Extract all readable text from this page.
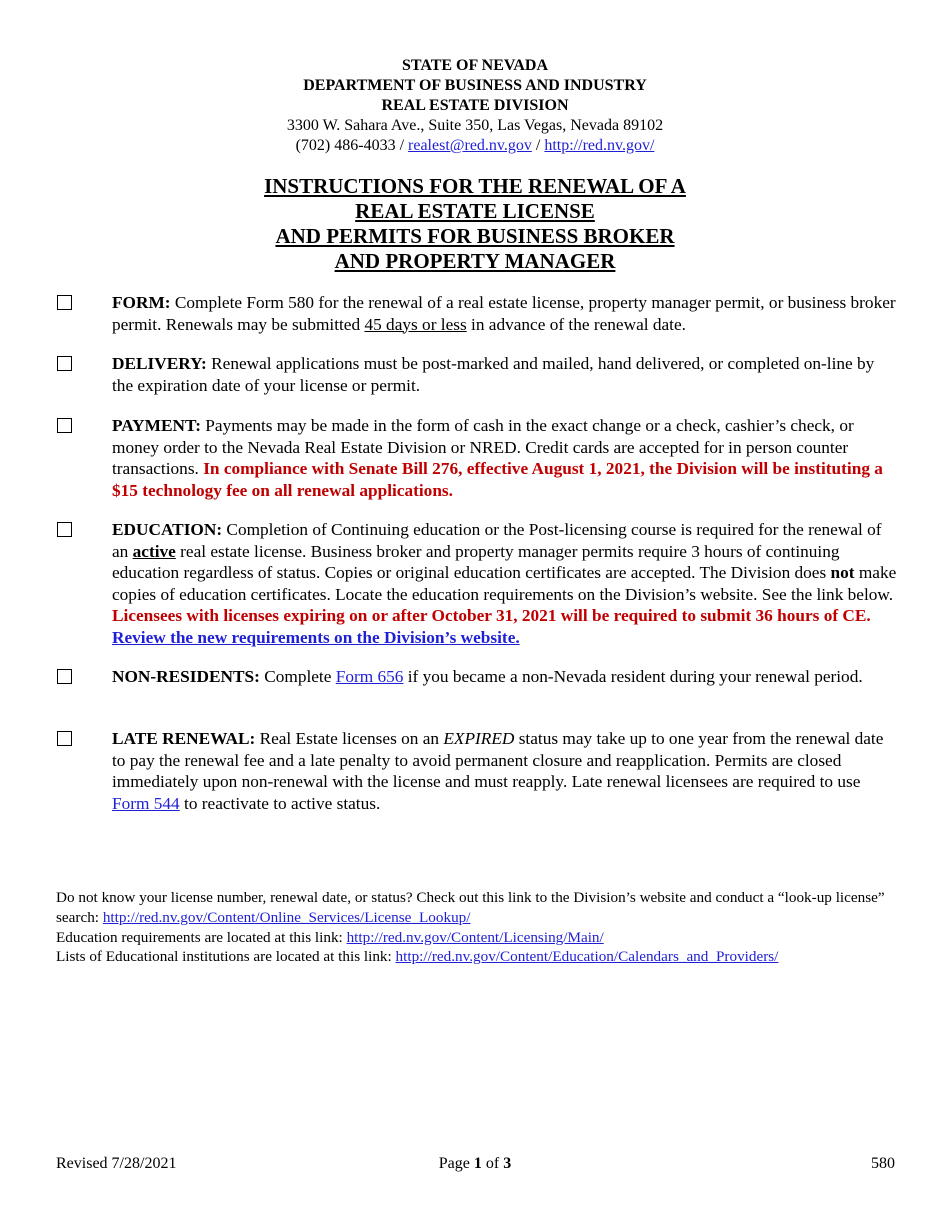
STATE OF NEVADA
DEPARTMENT OF BUSINESS AND INDUSTRY
REAL ESTATE DIVISION
3300 W. Sahara Ave., Suite 350, Las Vegas, Nevada 89102
(702) 486-4033 / realest@red.nv.gov / http://red.nv.gov/
INSTRUCTIONS FOR THE RENEWAL OF A
REAL ESTATE LICENSE
AND PERMITS FOR BUSINESS BROKER
AND PROPERTY MANAGER
FORM: Complete Form 580 for the renewal of a real estate license, property manager permit, or business broker permit. Renewals may be submitted 45 days or less in advance of the renewal date.
DELIVERY: Renewal applications must be post-marked and mailed, hand delivered, or completed on-line by the expiration date of your license or permit.
PAYMENT: Payments may be made in the form of cash in the exact change or a check, cashier’s check, or money order to the Nevada Real Estate Division or NRED. Credit cards are accepted for in person counter transactions. In compliance with Senate Bill 276, effective August 1, 2021, the Division will be instituting a $15 technology fee on all renewal applications.
EDUCATION: Completion of Continuing education or the Post-licensing course is required for the renewal of an active real estate license. Business broker and property manager permits require 3 hours of continuing education regardless of status. Copies or original education certificates are accepted. The Division does not make copies of education certificates. Locate the education requirements on the Division’s website. See the link below. Licensees with licenses expiring on or after October 31, 2021 will be required to submit 36 hours of CE. Review the new requirements on the Division’s website.
NON-RESIDENTS: Complete Form 656 if you became a non-Nevada resident during your renewal period.
LATE RENEWAL: Real Estate licenses on an EXPIRED status may take up to one year from the renewal date to pay the renewal fee and a late penalty to avoid permanent closure and reapplication. Permits are closed immediately upon non-renewal with the license and must reapply. Late renewal licensees are required to use Form 544 to reactivate to active status.
Do not know your license number, renewal date, or status? Check out this link to the Division’s website and conduct a “look-up license” search: http://red.nv.gov/Content/Online_Services/License_Lookup/
Education requirements are located at this link: http://red.nv.gov/Content/Licensing/Main/
Lists of Educational institutions are located at this link: http://red.nv.gov/Content/Education/Calendars_and_Providers/
Revised 7/28/2021	Page 1 of 3	580
